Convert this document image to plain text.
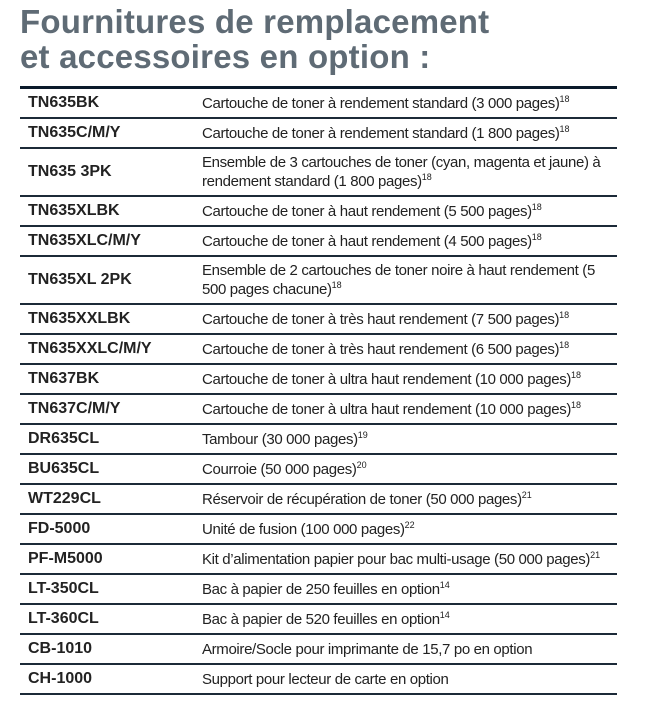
Fournitures de remplacement
et accessoires en option :
TN635BK	Cartouche de toner à rendement standard (3 000 pages)$^{18}$
TN635C/M/Y	Cartouche de toner à rendement standard (1 800 pages)$^{18}$
TN635 3PK	Ensemble de 3 cartouches de toner (cyan, magenta et jaune) à rendement standard (1 800 pages)$^{18}$
TN635XLBK	Cartouche de toner à haut rendement (5 500 pages)$^{18}$
TN635XLC/M/Y	Cartouche de toner à haut rendement (4 500 pages)$^{18}$
TN635XL 2PK	Ensemble de 2 cartouches de toner noire à haut rendement (5 500 pages chacune)$^{18}$
TN635XXLBK	Cartouche de toner à très haut rendement (7 500 pages)$^{18}$
TN635XXLC/M/Y	Cartouche de toner à très haut rendement (6 500 pages)$^{18}$
TN637BK	Cartouche de toner à ultra haut rendement (10 000 pages)$^{18}$
TN637C/M/Y	Cartouche de toner à ultra haut rendement (10 000 pages)$^{18}$
DR635CL	Tambour (30 000 pages)$^{19}$
BU635CL	Courroie (50 000 pages)$^{20}$
WT229CL	Réservoir de récupération de toner (50 000 pages)$^{21}$
FD-5000	Unité de fusion (100 000 pages)$^{22}$
PF-M5000	Kit d’alimentation papier pour bac multi-usage (50 000 pages)$^{21}$
LT-350CL	Bac à papier de 250 feuilles en option$^{14}$
LT-360CL	Bac à papier de 520 feuilles en option$^{14}$
CB-1010	Armoire/Socle pour imprimante de 15,7 po en option
CH-1000	Support pour lecteur de carte en option
